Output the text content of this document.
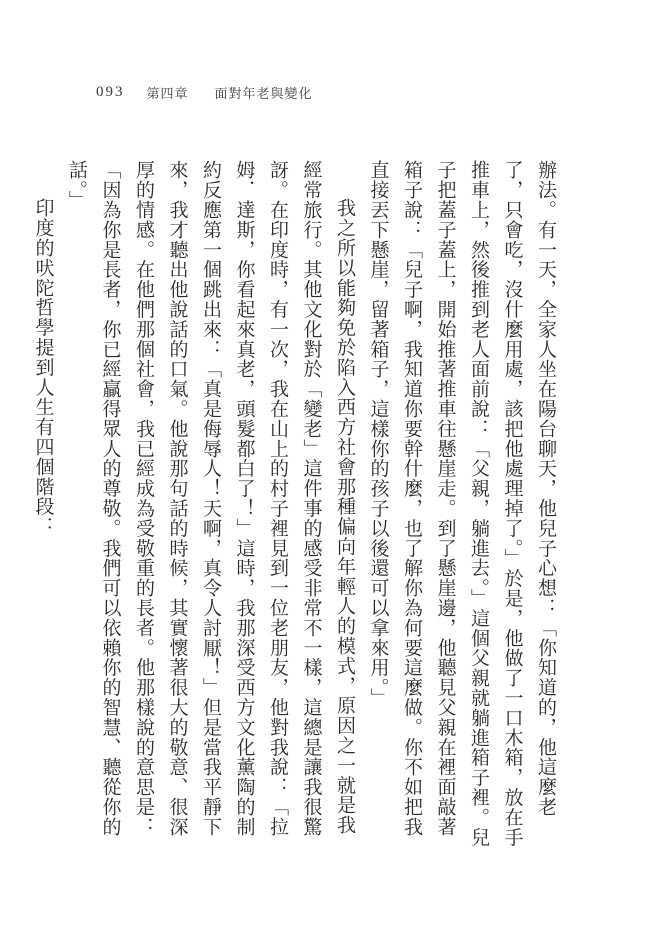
093 第四章 面對年老與變化

辦法。有一天，全家人坐在陽台聊天，他兒子心想：「你知道的，他這麼老了，只會吃，沒什麼用處，該把他處理掉了。」於是，他做了一口木箱，放在手推車上，然後推到老人面前說：「父親，躺進去。」這個父親就躺進箱子裡。兒子把蓋子蓋上，開始推著推車往懸崖走。到了懸崖邊，他聽見父親在裡面敲著箱子說：「兒子啊，我知道你要幹什麼，也了解你為何要這麼做。你不如把我直接丟下懸崖，留著箱子，這樣你的孩子以後還可以拿來用。」

我之所以能夠免於陷入西方社會那種偏向年輕人的模式，原因之一就是我經常旅行。其他文化對於「變老」這件事的感受非常不一樣，這總是讓我很驚訝。在印度時，有一次，我在山上的村子裡見到一位老朋友，他對我說：「拉姆．達斯，你看起來真老，頭髮都白了！」這時，我那深受西方文化薰陶的制約反應第一個跳出來：「真是侮辱人！天啊，真令人討厭！」但是當我平靜下來，我才聽出他說話的口氣。他說那句話的時候，其實懷著很大的敬意、很深厚的情感。在他們那個社會，我已經成為受敬重的長者。他那樣說的意思是：「因為你是長者，你已經贏得眾人的尊敬。我們可以依賴你的智慧、聽從你的話。」

印度的吠陀哲學提到人生有四個階段：
